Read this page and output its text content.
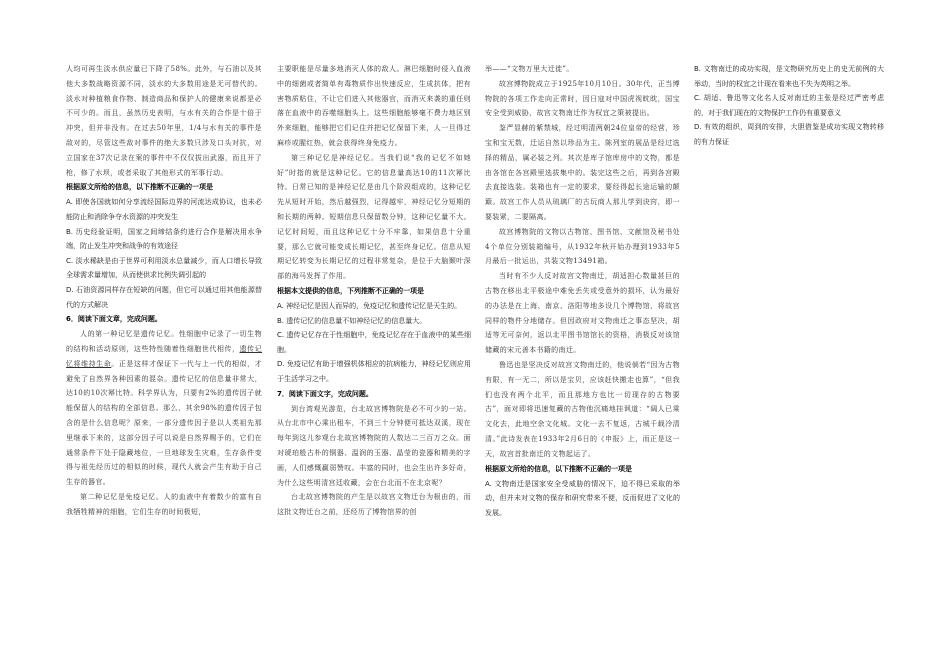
人均可再生淡水供应量已下降了58%。此外，与石油以及其他大多数战略资源不同，淡水的大多数用途是无可替代的。淡水对种植粮食作物、制造商品和保护人的健康来说都是必不可少的。而且，虽然历史表明，与水有关的合作是十倍于冲突，但并非没有。在过去50年里，1/4与水有关的事件是敌对的，尽管这些敌对事件的绝大多数只涉及口头对抗，对立国家在37次记录在案的事件中不仅仅拔出武器，而且开了枪，修了水坝，或者采取了其他形式的军事行动。

根据原文所给的信息，以下推断不正确的一项是

A. 即使各国就如何分享流经国际边界的河流达成协议，也未必能防止和消除争夺水资源的冲突发生

B. 历史经验证明，国家之间缔结条约进行合作是解决用水争端，防止发生冲突和战争的有效途径

C. 淡水稀缺是由于世界可利用淡水总量减少，而人口增长导致全球需求量增加，从而使供求比例失调引起的

D. 石油资源同样存在短缺的问题，但它可以通过用其他能源替代的方式解决

6．阅读下面文章，完成问题。

人的第一种记忆是遗传记忆。性细胞中记录了一切生物的结构和活动原则，这些特性随着性细胞世代相传，遗传记忆将维持生命。正是这样才保证下一代与上一代的相似，才避免了自然界各种因素的混杂。遗传记忆的信息量非常大，达10的10次幂比特。科学界认为，只要有2%的遗传因子就能保留人的结构的全部信息。那么，其余98%的遗传因子包含的是什么信息呢？原来，一部分遗传因子是以人类祖先那里继承下来的，这部分因子可以说是自然界赐予的，它们在通常条件下处于隐藏地位，一旦地球发生灾难，生存条件变得与祖先经历过的相似的时候，现代人就会产生有助于自己生存的器官。

第二种记忆是免疫记忆。人的血液中有着数少的富有自我牺牲精神的细胞，它们生存的时间极短，

主要职能是尽量多地消灭人体的敌人。淋巴细胞时侵入血液中的细菌或者简单有毒物质作出快速反应，生成抗体，把有害物质粘住，不让它们进入其他器官，而消灭来袭的重任则落在血液中的吞噬细胞头上。这些细胞能够毫不费力地区别外来细胞，能够把它们记住并把记忆保留下来，人一旦得过麻疹或腥红热，就会获得终身免疫力。

第三种记忆是神经记忆。当我们说“我的记忆不如她好”时指的就是这种记忆。它的信息量高达10的11次幂比特。日常已知的是神经记忆是由几个阶段组成的，这种记忆先从短时开始，然后越强烈，记得越牢，神经记忆分短期的和长期的两种。短期信息只保留数分钟，这种记忆量不大。记忆时间短，而且这种记忆十分不牢靠，如果信息十分重要，那么它就可能变成长期记忆，甚至终身记忆。信息从短期记忆转变为长期记忆的过程非常复杂，是位于大脑颞叶深部的海马发挥了作用。

根据本文提供的信息，下列推断不正确的一项是

A. 神经记忆是因人而异的，免疫记忆和遗传记忆是天生的。

B. 遗传记忆的信息量不如神经记忆的信息量大。

C. 遗传记忆存在于性细胞中，免疫记忆存在于血液中的某些细胞。

D. 免疫记忆有助于增强机体相应的抗病能力，神经记忆则应用于生活学习之中。

7．阅读下面文字，完成问题。

到台湾观光游览，台北故宫博物院是必不可少的一站。从台北市中心乘出租车，不到三十分钟便可抵达双溪，现在每年到这儿参观台北故宫博物院的人数达二三百万之众。面对琥珀般古朴的铜器、温润的玉器、晶莹的瓷器和精美的字画，人们感慨赢弱赞叹。丰富的同时，也会生出许多好奇，为什么这些明清宫廷收藏，会在台北而不在北京呢？

台北故宫博物院的产生是以故宫文物迁台为根由的，而这批文物迁台之前，还经历了博物馆界的创

举——“文物万里大迁徙”。

故宫博物院成立于1925年10月10日。30年代，正当博物院的各项工作走向正常时，因日寇对中国虎视眈眈，国宝安全受到威胁，故宫文物南迁作为权宜之策被提出。

鉴严显赫的紫禁城，经过明清两朝24位皇帝的经营，珍宝和宝无数，迁运自然以珍品为主。陈列室的展品是经过选择的精品，属必装之列。其次是库子馆库房中的文物，都是由各馆在各宫殿里选拔集中的。装完这些之后，再到各宫殿去直接选装。装箱也有一定的要求，要经得起长途运输的颠簸。故宫工作人员从琉璃厂的古玩商人那儿学到诀窍，即一要装紧，二要隔离。

故宫博物院的文物以古物馆、图书馆、文献馆及秘书处4个单位分别装箱编号，从1932年秋开始办理到1933年5月最后一批运出，共装文物13491箱。

当时有不少人反对故宫文物南迁，胡适担心数量甚巨的古物在移出北平极途中难免丢失或受意外的损坏，认为最好的办法是在上海、南京、洛阳等地多设几个博物馆，将故宫同样的物件分地储存。但因政府对文物南迁之事态坚决，胡适等无可奈何，返以北平图书馆馆长的资格，消极反对该馆储藏的宋元善本书籍的南迁。

鲁迅也是坚决反对故宫文物南迁的，他说倘若“因为古物有限，有一无二，所以是宝贝，应该赶快搬走也算”，“但我们也没有两个北平，而且那地方也比一切现存的古物要古”，面对即将迅速复藏的古物他沉痛地挂讽道：“阔人已乘文化去，此地空余文化城。文化一去不复返，古城千载冷清清。”此诗发表在1933年2月6日的《申报》上，而正是这一天，故宫首批南迁的文物起运了。

根据原文所给的信息，以下推断不正确的一项是

A. 文物南迁是国家安全受威胁的情况下，迫不得已采取的举动，但并未对文物的保存和研究带来不便，反而促进了文化的发展。

B. 文物南迁的成功实现，是文物研究历史上的史无前例的大举动，当时的权宜之计现在看来也不失为英明之举。

C. 胡适、鲁迅等文化名人反对南迁的主张是经过严密考虑的，对于我们现在的文物保护工作仍有重要意义

D. 有效的组织，周到的安排，大胆借鉴是成功实现文物转移的有力保证
